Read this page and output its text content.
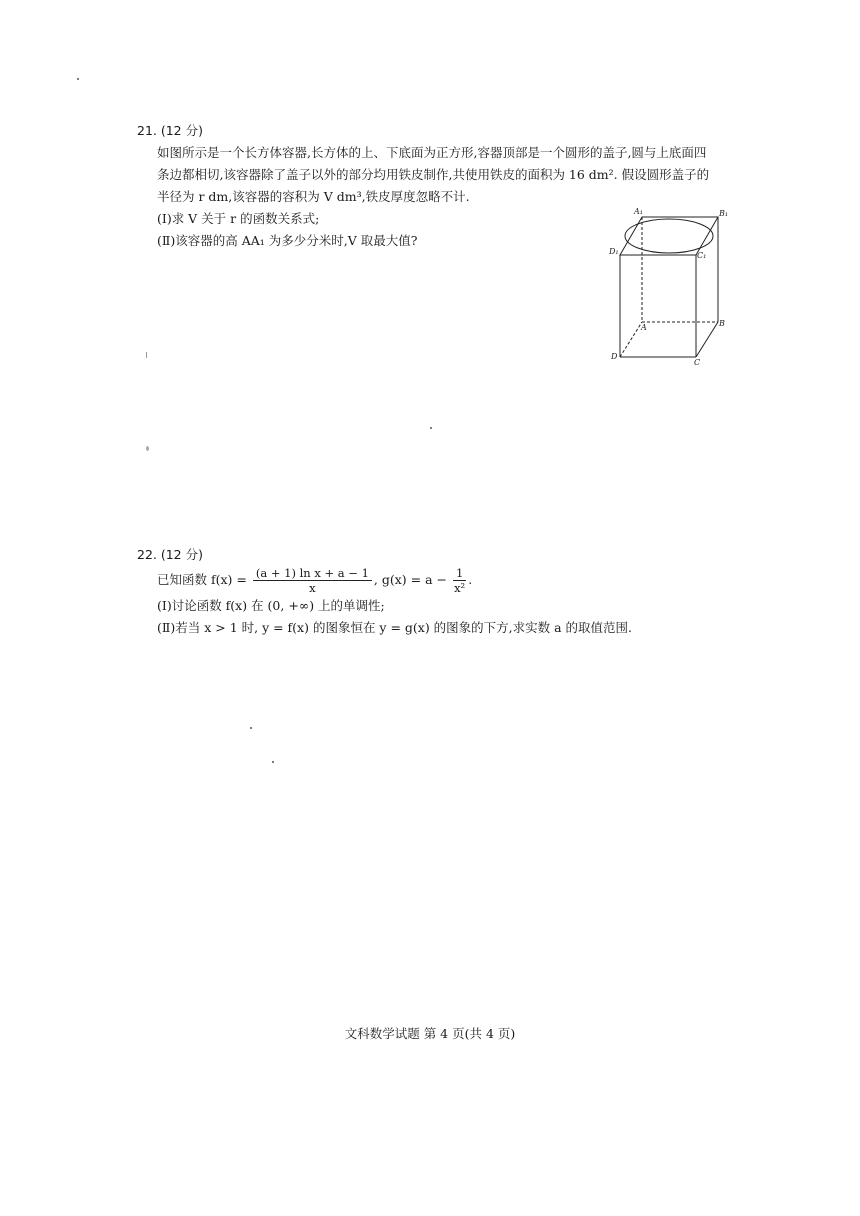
21. (12 分)

如图所示是一个长方体容器,长方体的上、下底面为正方形,容器顶部是一个圆形的盖子,圆与上底面四

条边都相切,该容器除了盖子以外的部分均用铁皮制作,共使用铁皮的面积为 16 dm². 假设圆形盖子的

半径为 r dm,该容器的容积为 V dm³,铁皮厚度忽略不计.

(Ⅰ)求 V 关于 r 的函数关系式;

(Ⅱ)该容器的高 AA₁ 为多少分米时,V 取最大值?

A₁	B₁
D₁	C₁
A	B
D
C

22. (12 分)

已知函数 $f(x) = \frac{\text{(a + 1) ln x + a − 1}}{x}$ , $g(x) = a - \frac{1}{\text{x²}}$ .

(Ⅰ)讨论函数 f(x) 在 (0, +∞) 上的单调性;

(Ⅱ)若当 x > 1 时, y = f(x) 的图象恒在 y = g(x) 的图象的下方,求实数 a 的取值范围.

文科数学试题 第 4 页(共 4 页)
